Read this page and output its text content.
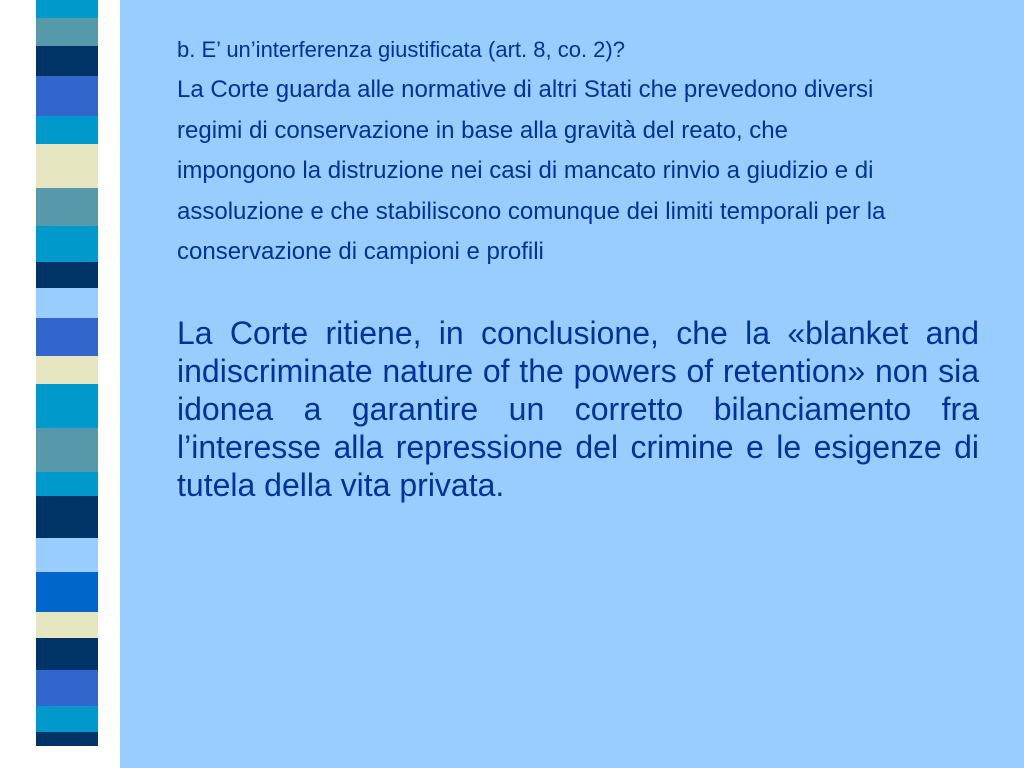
b. E’ un’interferenza giustificata (art. 8, co. 2)?

La Corte guarda alle normative di altri Stati che prevedono diversi regimi di conservazione in base alla gravità del reato, che impongono la distruzione nei casi di mancato rinvio a giudizio e di assoluzione e che stabiliscono comunque dei limiti temporali per la conservazione di campioni e profili

La Corte ritiene, in conclusione, che la «blanket and indiscriminate nature of the powers of retention» non sia idonea a garantire un corretto bilanciamento fra l’interesse alla repressione del crimine e le esigenze di tutela della vita privata.
